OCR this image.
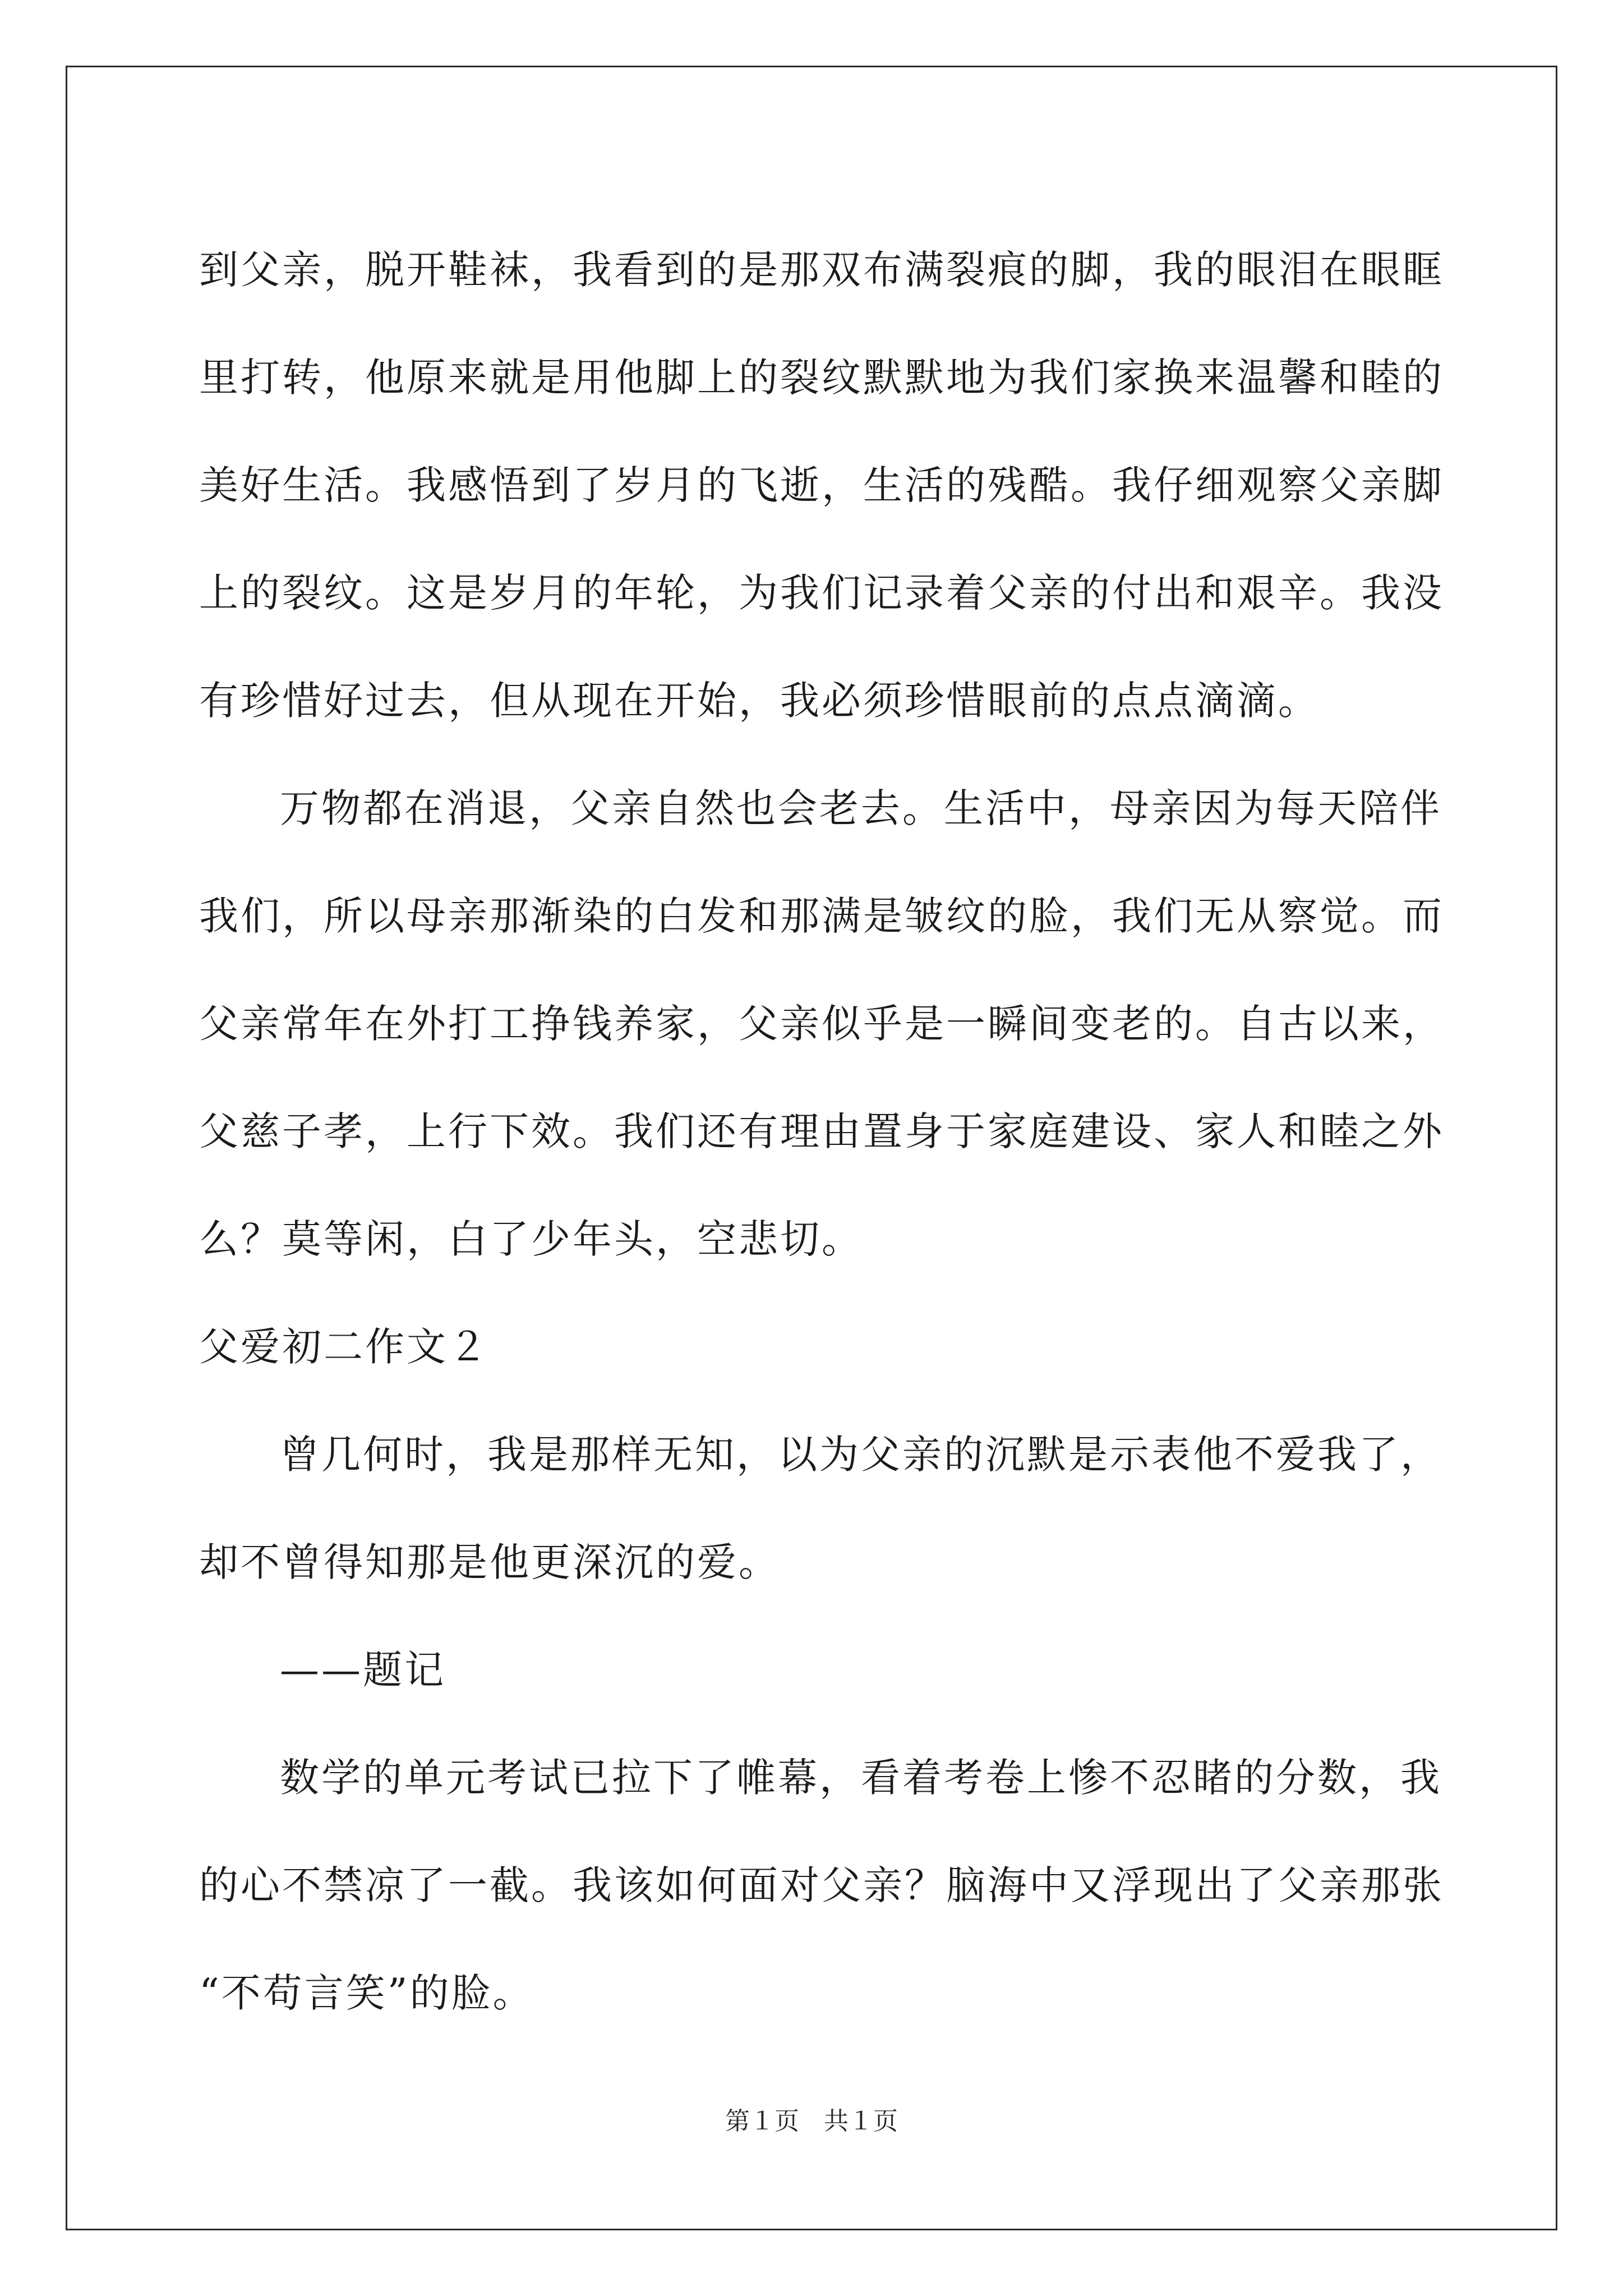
到父亲，脱开鞋袜，我看到的是那双布满裂痕的脚，我的眼泪在眼眶
里打转，他原来就是用他脚上的裂纹默默地为我们家换来温馨和睦的
美好生活。我感悟到了岁月的飞逝，生活的残酷。我仔细观察父亲脚
上的裂纹。这是岁月的年轮，为我们记录着父亲的付出和艰辛。我没
有珍惜好过去，但从现在开始，我必须珍惜眼前的点点滴滴。
万物都在消退，父亲自然也会老去。生活中，母亲因为每天陪伴
我们，所以母亲那渐染的白发和那满是皱纹的脸，我们无从察觉。而
父亲常年在外打工挣钱养家，父亲似乎是一瞬间变老的。自古以来，
父慈子孝，上行下效。我们还有理由置身于家庭建设、家人和睦之外
么？莫等闲，白了少年头，空悲切。
父爱初二作文２
曾几何时，我是那样无知，以为父亲的沉默是示表他不爱我了，
却不曾得知那是他更深沉的爱。
——题记
数学的单元考试已拉下了帷幕，看着考卷上惨不忍睹的分数，我
的心不禁凉了一截。我该如何面对父亲？脑海中又浮现出了父亲那张
“不苟言笑”的脸。
第１页　共１页
